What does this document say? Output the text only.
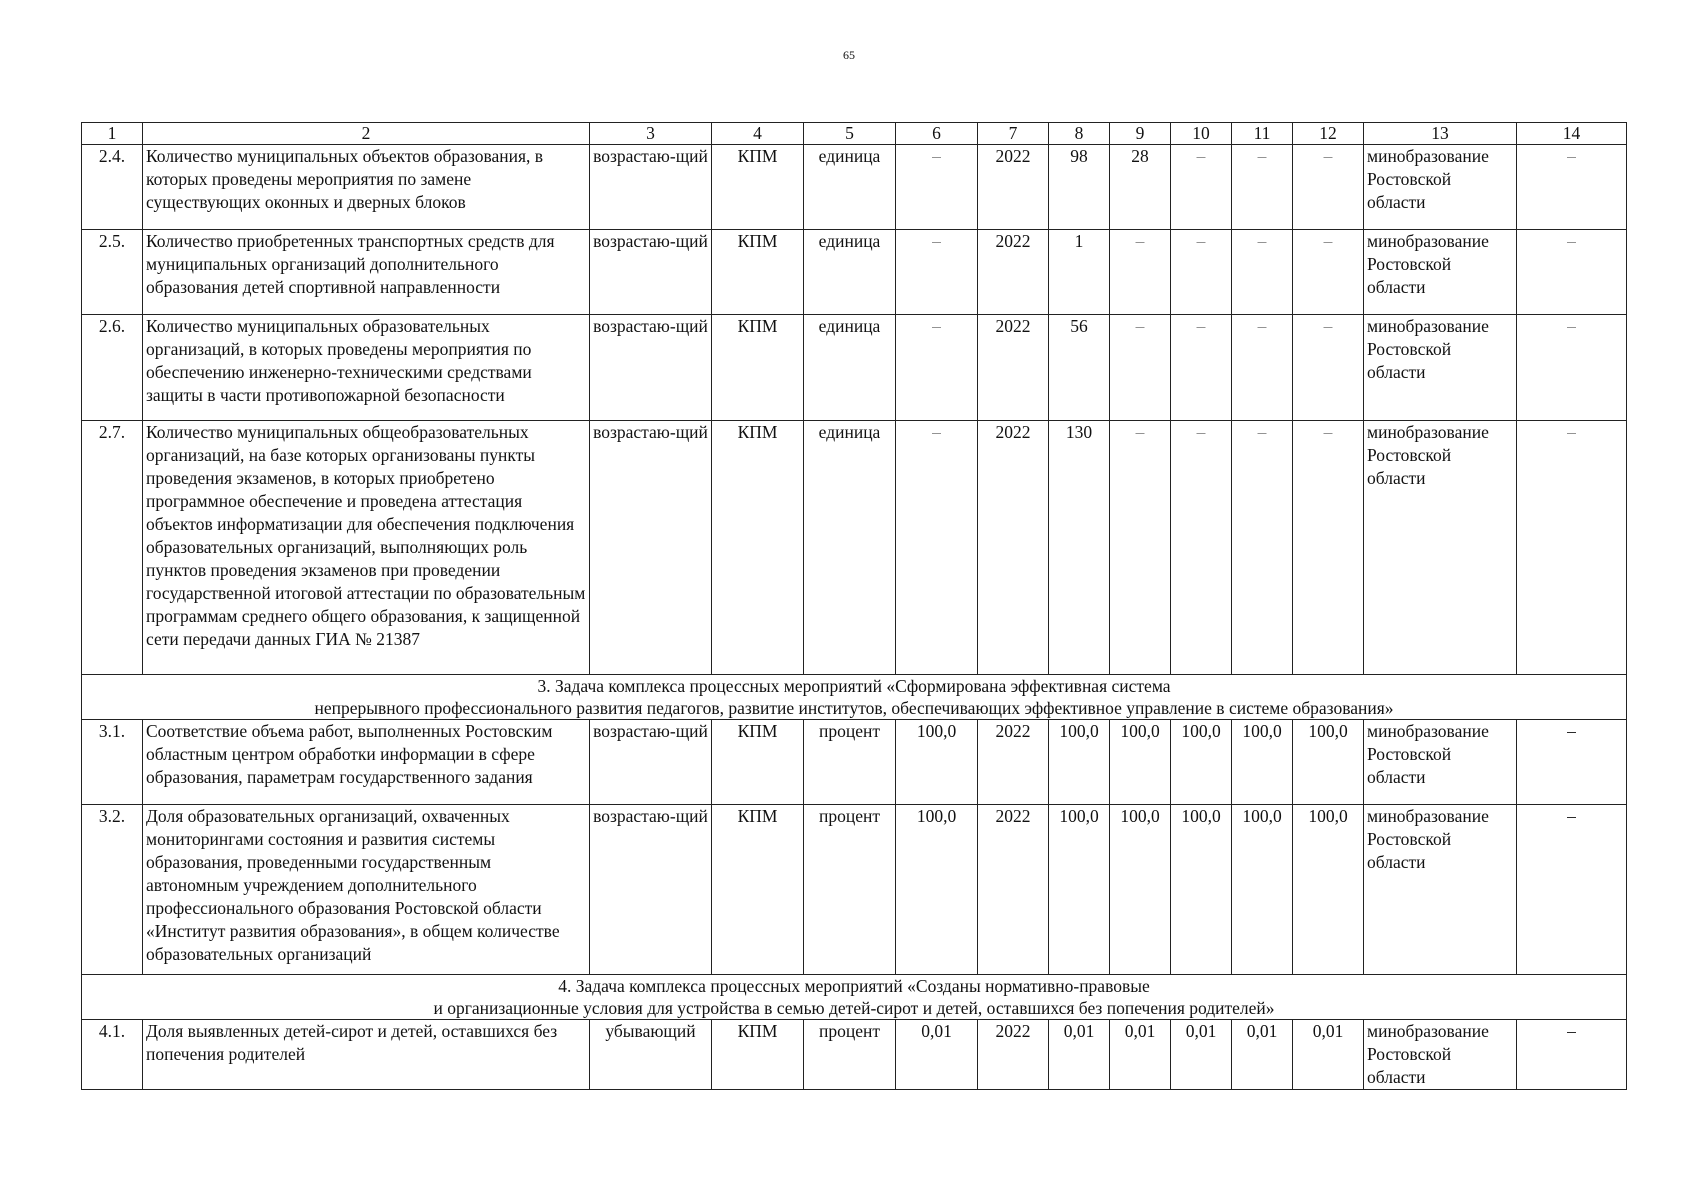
65
1	2	3	4	5	6	7	8	9	10	11	12	13	14
2.4.	Количество муниципальных объектов образования, в которых проведены мероприятия по замене существующих оконных и дверных блоков	возрастаю-щий	КПМ	единица	–	2022	98	28	–	–	–	минобразование Ростовской области	–
2.5.	Количество приобретенных транспортных средств для муниципальных организаций дополнительного образования детей спортивной направленности	возрастаю-щий	КПМ	единица	–	2022	1	–	–	–	–	минобразование Ростовской области	–
2.6.	Количество муниципальных образовательных организаций, в которых проведены мероприятия по обеспечению инженерно-техническими средствами защиты в части противопожарной безопасности	возрастаю-щий	КПМ	единица	–	2022	56	–	–	–	–	минобразование Ростовской области	–
2.7.	Количество муниципальных общеобразовательных организаций, на базе которых организованы пункты проведения экзаменов, в которых приобретено программное обеспечение и проведена аттестация объектов информатизации для обеспечения подключения образовательных организаций, выполняющих роль пунктов проведения экзаменов при проведении государственной итоговой аттестации по образовательным программам среднего общего образования, к защищенной сети передачи данных ГИА № 21387	возрастаю-щий	КПМ	единица	–	2022	130	–	–	–	–	минобразование Ростовской области	–

3. Задача комплекса процессных мероприятий «Сформирована эффективная система
непрерывного профессионального развития педагогов, развитие институтов, обеспечивающих эффективное управление в системе образования»													

3.1.	Соответствие объема работ, выполненных Ростовским областным центром обработки информации в сфере образования, параметрам государственного задания	возрастаю-щий	КПМ	процент	100,0	2022	100,0	100,0	100,0	100,0	100,0	минобразование Ростовской области	–
3.2.	Доля образовательных организаций, охваченных мониторингами состояния и развития системы образования, проведенными государственным автономным учреждением дополнительного профессионального образования Ростовской области «Институт развития образования», в общем количестве образовательных организаций	возрастаю-щий	КПМ	процент	100,0	2022	100,0	100,0	100,0	100,0	100,0	минобразование Ростовской области	–

4. Задача комплекса процессных мероприятий «Созданы нормативно-правовые
и организационные условия для устройства в семью детей-сирот и детей, оставшихся без попечения родителей»													

4.1.	Доля выявленных детей-сирот и детей, оставшихся без попечения родителей	убывающий	КПМ	процент	0,01	2022	0,01	0,01	0,01	0,01	0,01	минобразование Ростовской области	–
